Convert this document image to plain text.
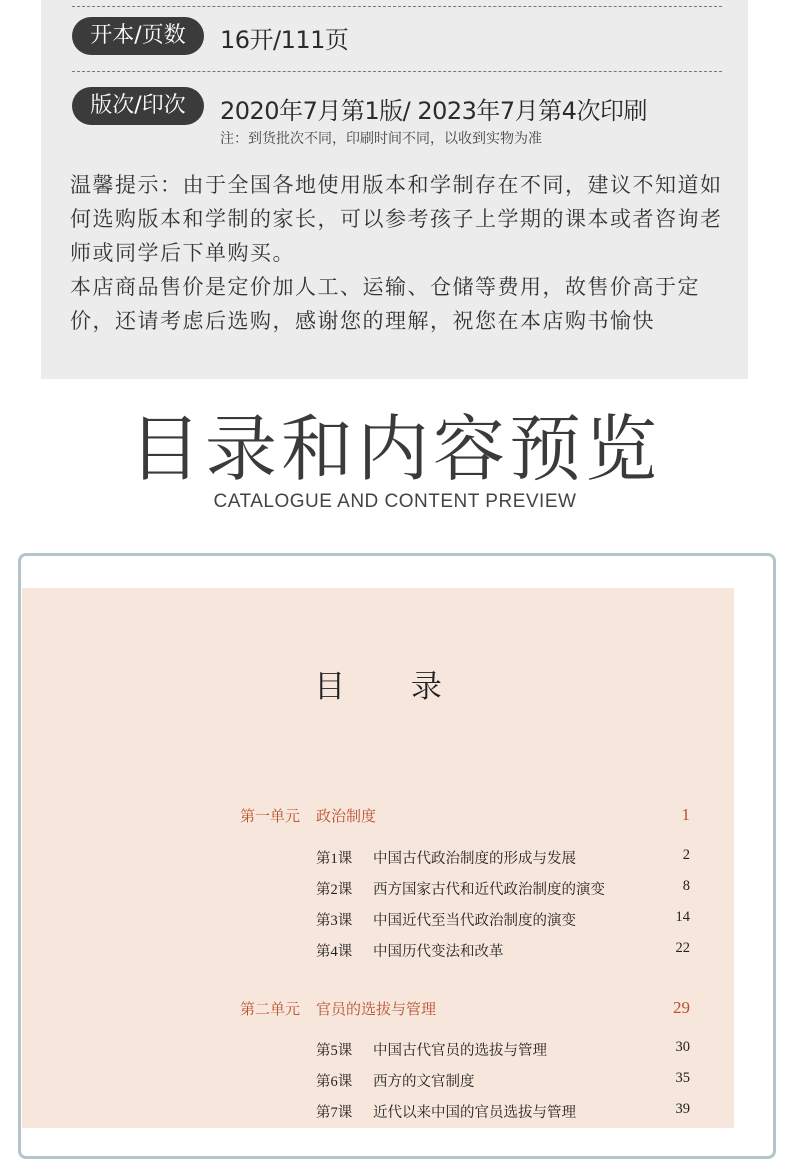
开本/页数	16开/111页
版次/印次	2020年7月第1版/ 2023年7月第4次印刷
注：到货批次不同，印刷时间不同，以收到实物为准

温馨提示：由于全国各地使用版本和学制存在不同，建议不知道如何选购版本和学制的家长，可以参考孩子上学期的课本或者咨询老师或同学后下单购买。

本店商品售价是定价加人工、运输、仓储等费用，故售价高于定价，还请考虑后选购，感谢您的理解，祝您在本店购书愉快

目录和内容预览
CATALOGUE AND CONTENT PREVIEW
目 录
第一单元 政治制度	1
第1课 中国古代政治制度的形成与发展	2
第2课 西方国家古代和近代政治制度的演变	8
第3课 中国近代至当代政治制度的演变	14
第4课 中国历代变法和改革	22
第二单元 官员的选拔与管理	29
第5课 中国古代官员的选拔与管理	30
第6课 西方的文官制度	35
第7课 近代以来中国的官员选拔与管理	39
